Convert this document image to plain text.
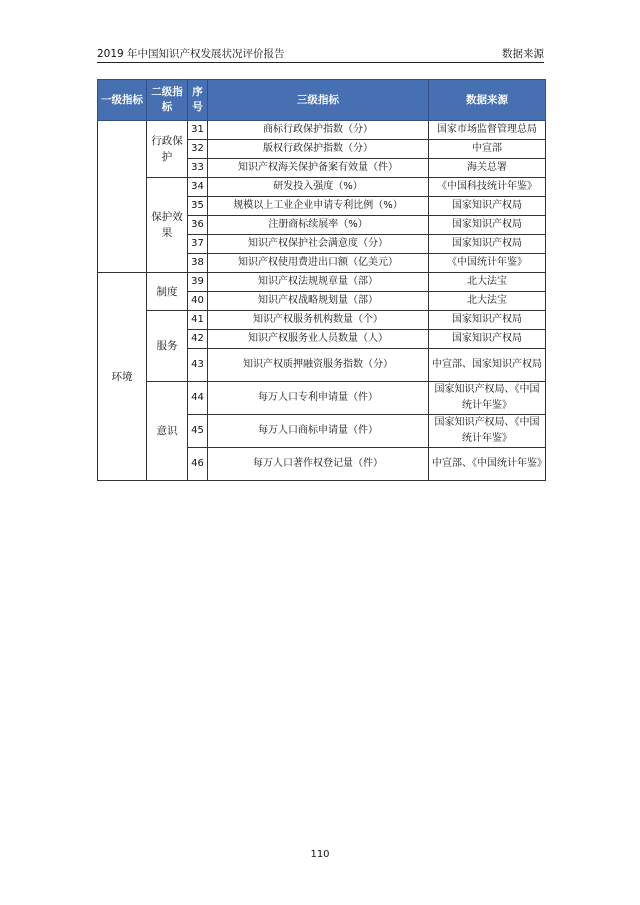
2019 年中国知识产权发展状况评价报告	数据来源
一级指标	二级指标	序号	三级指标	数据来源
	行政保护	31	商标行政保护指数（分）	国家市场监督管理总局
		32	版权行政保护指数（分）	中宣部
		33	知识产权海关保护备案有效量（件）	海关总署
	保护效果	34	研发投入强度（%）	《中国科技统计年鉴》
		35	规模以上工业企业申请专利比例（%）	国家知识产权局
		36	注册商标续展率（%）	国家知识产权局
		37	知识产权保护社会满意度（分）	国家知识产权局
		38	知识产权使用费进出口额（亿美元）	《中国统计年鉴》
环境	制度	39	知识产权法规规章量（部）	北大法宝
		40	知识产权战略规划量（部）	北大法宝
	服务	41	知识产权服务机构数量（个）	国家知识产权局
		42	知识产权服务业人员数量（人）	国家知识产权局
		43	知识产权质押融资服务指数（分）	中宣部、国家知识产权局
	意识	44	每万人口专利申请量（件）	国家知识产权局、《中国统计年鉴》
		45	每万人口商标申请量（件）	国家知识产权局、《中国统计年鉴》
		46	每万人口著作权登记量（件）	中宣部、《中国统计年鉴》
110
